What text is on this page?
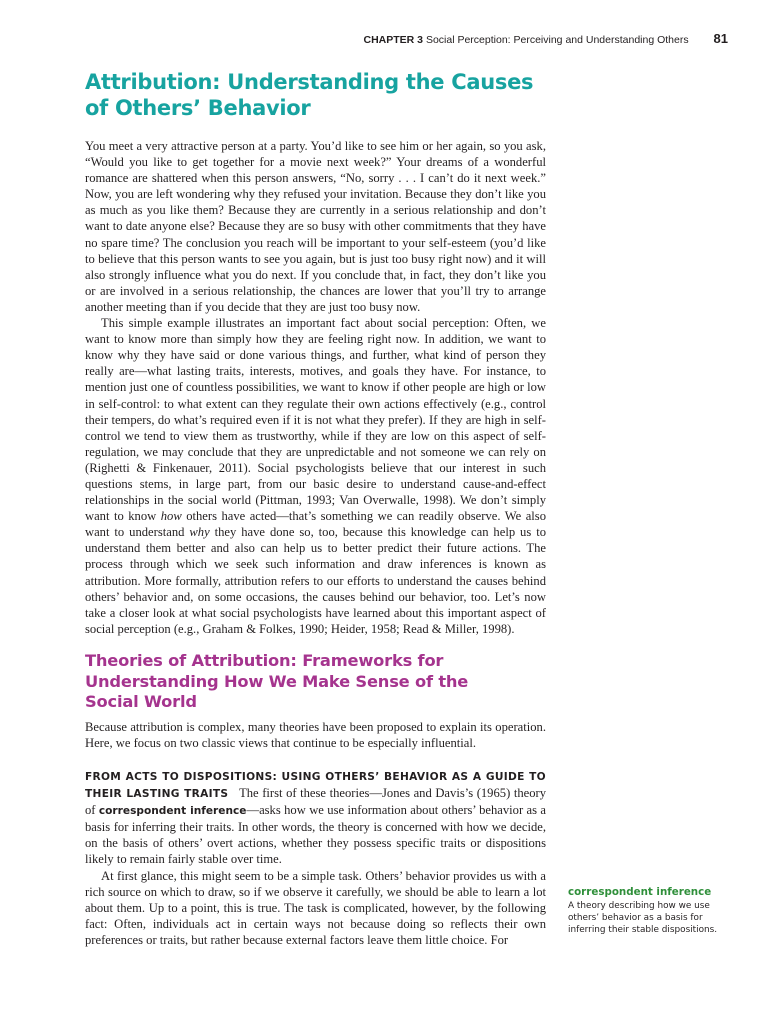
CHAPTER 3 Social Perception: Perceiving and Understanding Others 81
Attribution: Understanding the Causes of Others’ Behavior

You meet a very attractive person at a party. You’d like to see him or her again, so you ask, “Would you like to get together for a movie next week?” Your dreams of a wonderful romance are shattered when this person answers, “No, sorry . . . I can’t do it next week.” Now, you are left wondering why they refused your invitation. Because they don’t like you as much as you like them? Because they are currently in a serious relationship and don’t want to date anyone else? Because they are so busy with other commitments that they have no spare time? The conclusion you reach will be important to your self-esteem (you’d like to believe that this person wants to see you again, but is just too busy right now) and it will also strongly influence what you do next. If you conclude that, in fact, they don’t like you or are involved in a serious relationship, the chances are lower that you’ll try to arrange another meeting than if you decide that they are just too busy now.

This simple example illustrates an important fact about social perception: Often, we want to know more than simply how they are feeling right now. In addition, we want to know why they have said or done various things, and further, what kind of person they really are—what lasting traits, interests, motives, and goals they have. For instance, to mention just one of countless possibilities, we want to know if other people are high or low in self-control: to what extent can they regulate their own actions effectively (e.g., control their tempers, do what’s required even if it is not what they prefer). If they are high in self-control we tend to view them as trustworthy, while if they are low on this aspect of self-regulation, we may conclude that they are unpredictable and not someone we can rely on (Righetti & Finkenauer, 2011). Social psychologists believe that our interest in such questions stems, in large part, from our basic desire to understand cause-and-effect relationships in the social world (Pittman, 1993; Van Overwalle, 1998). We don’t simply want to know how others have acted—that’s something we can readily observe. We also want to understand why they have done so, too, because this knowledge can help us to understand them better and also can help us to better predict their future actions. The process through which we seek such information and draw inferences is known as attribution. More formally, attribution refers to our efforts to understand the causes behind others’ behavior and, on some occasions, the causes behind our behavior, too. Let’s now take a closer look at what social psychologists have learned about this important aspect of social perception (e.g., Graham & Folkes, 1990; Heider, 1958; Read & Miller, 1998).

Theories of Attribution: Frameworks for Understanding How We Make Sense of the Social World

Because attribution is complex, many theories have been proposed to explain its operation. Here, we focus on two classic views that continue to be especially influential.

FROM ACTS TO DISPOSITIONS: USING OTHERS’ BEHAVIOR AS A GUIDE TO THEIR LASTING TRAITS The first of these theories—Jones and Davis’s (1965) theory of correspondent inference—asks how we use information about others’ behavior as a basis for inferring their traits. In other words, the theory is concerned with how we decide, on the basis of others’ overt actions, whether they possess specific traits or dispositions likely to remain fairly stable over time.

At first glance, this might seem to be a simple task. Others’ behavior provides us with a rich source on which to draw, so if we observe it carefully, we should be able to learn a lot about them. Up to a point, this is true. The task is complicated, however, by the following fact: Often, individuals act in certain ways not because doing so reflects their own preferences or traits, but rather because external factors leave them little choice. For

correspondent inference
A theory describing how we use others’ behavior as a basis for inferring their stable dispositions.
